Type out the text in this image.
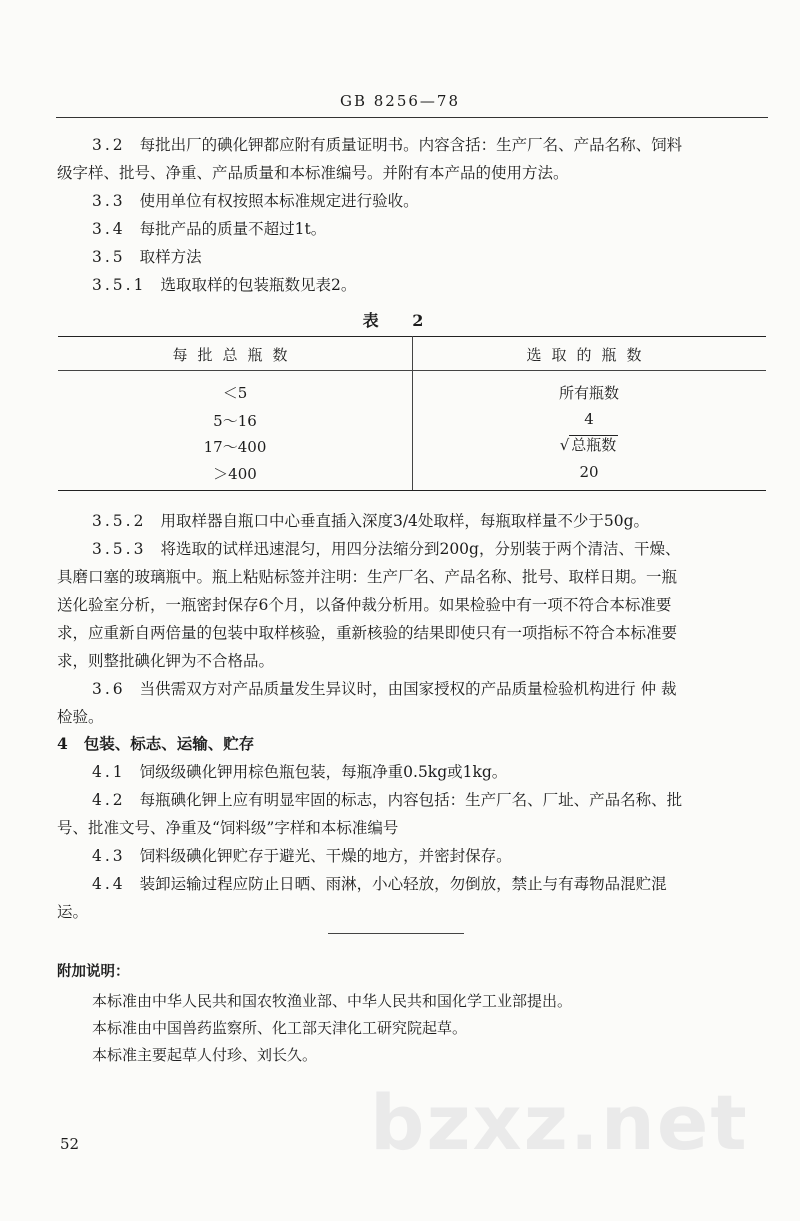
GB 8256—78
3.2 每批出厂的碘化钾都应附有质量证明书。内容含括：生产厂名、产品名称、饲料
级字样、批号、净重、产品质量和本标准编号。并附有本产品的使用方法。
3.3 使用单位有权按照本标准规定进行验收。
3.4 每批产品的质量不超过1t。
3.5 取样方法
3.5.1 选取取样的包装瓶数见表2。
表 2
每批总瓶数	选取的瓶数
＜5	所有瓶数
5～16	4
17～400	√ 总瓶数
＞400	20
3.5.2 用取样器自瓶口中心垂直插入深度3/4处取样，每瓶取样量不少于50g。
3.5.3 将选取的试样迅速混匀，用四分法缩分到200g，分别装于两个清洁、干燥、
具磨口塞的玻璃瓶中。瓶上粘贴标签并注明：生产厂名、产品名称、批号、取样日期。一瓶
送化验室分析，一瓶密封保存6个月，以备仲裁分析用。如果检验中有一项不符合本标准要
求，应重新自两倍量的包装中取样核验，重新核验的结果即使只有一项指标不符合本标准要
求，则整批碘化钾为不合格品。
3.6 当供需双方对产品质量发生异议时，由国家授权的产品质量检验机构进行 仲 裁
检验。
4 包装、标志、运输、贮存
4.1 饲级级碘化钾用棕色瓶包装，每瓶净重0.5kg或1kg。
4.2 每瓶碘化钾上应有明显牢固的标志，内容包括：生产厂名、厂址、产品名称、批
号、批准文号、净重及“饲料级”字样和本标准编号
4.3 饲料级碘化钾贮存于避光、干燥的地方，并密封保存。
4.4 装卸运输过程应防止日晒、雨淋，小心轻放，勿倒放，禁止与有毒物品混贮混
运。
附加说明：
本标准由中华人民共和国农牧渔业部、中华人民共和国化学工业部提出。
本标准由中国兽药监察所、化工部天津化工研究院起草。
本标准主要起草人付珍、刘长久。
bzxz.net
52
